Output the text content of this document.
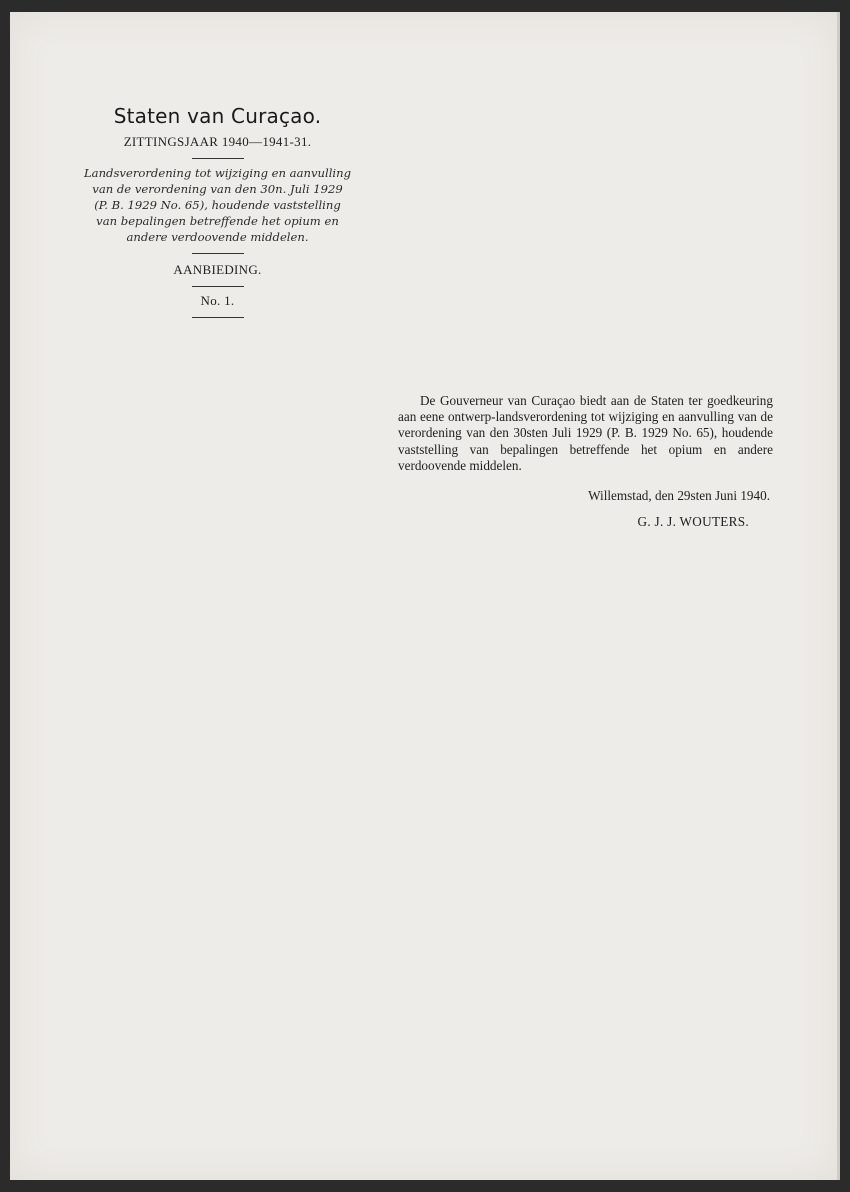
Staten van Curaçao.
ZITTINGSJAAR 1940—1941-31.
Landsverordening tot wijziging en aanvulling
van de verordening van den 30n. Juli 1929
(P. B. 1929 No. 65), houdende vaststelling
van bepalingen betreffende het opium en
andere verdoovende middelen.
AANBIEDING.
No. 1.

De Gouverneur van Curaçao biedt aan de Staten ter goedkeuring aan eene ontwerp-landsverordening tot wijziging en aanvulling van de verordening van den 30sten Juli 1929 (P. B. 1929 No. 65), houdende vaststelling van bepalingen betreffende het opium en andere verdoovende middelen.

Willemstad, den 29sten Juni 1940.
G. J. J. WOUTERS.
